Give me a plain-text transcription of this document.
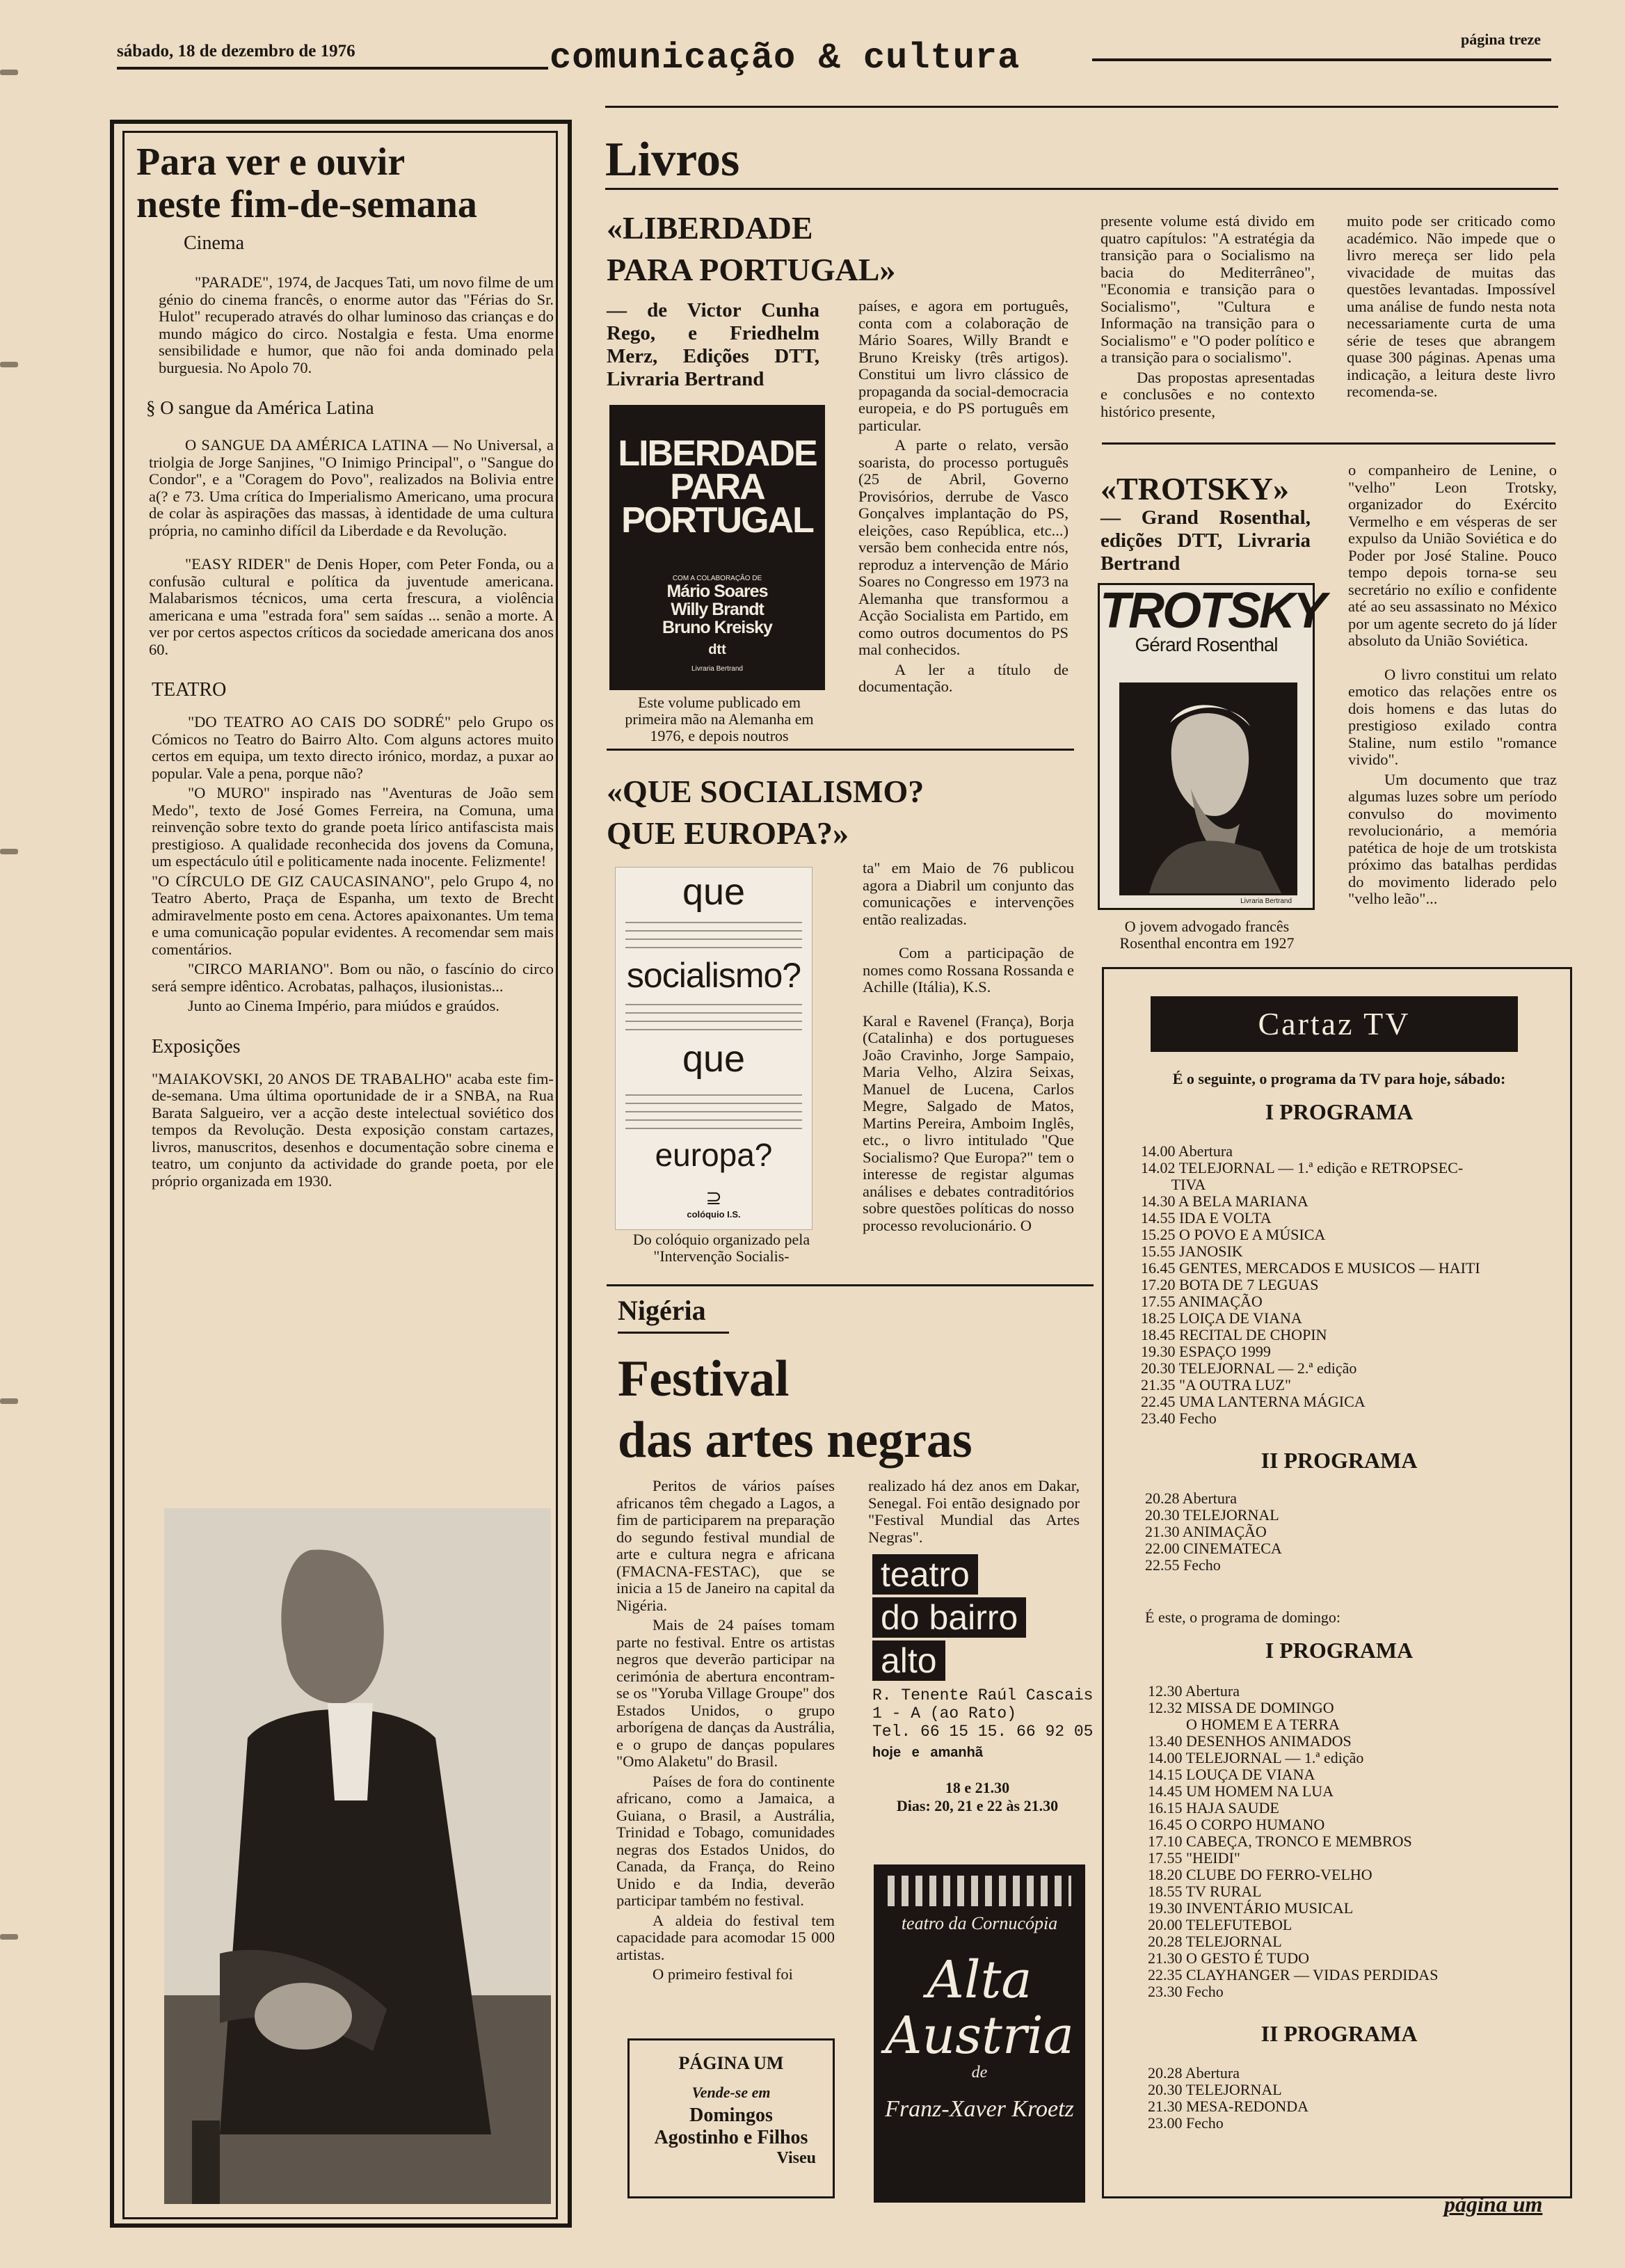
sábado, 18 de dezembro de 1976	comunicação & cultura	página treze
Para ver e ouvir
neste fim-de-semana
Cinema

"PARADE", 1974, de Jacques Tati, um novo filme de um génio do cinema francês, o enorme autor das "Férias do Sr. Hulot" recuperado através do olhar luminoso das crianças e do mundo mágico do circo. Nostalgia e festa. Uma enorme sensibilidade e humor, que não foi anda dominado pela burguesia. No Apolo 70.

§ O sangue da América Latina

O SANGUE DA AMÉRICA LATINA — No Universal, a triolgia de Jorge Sanjines, "O Inimigo Principal", o "Sangue do Condor", e a "Coragem do Povo", realizados na Bolivia entre a(? e 73. Uma crítica do Imperialismo Americano, uma procura de colar às aspirações das massas, à identidade de uma cultura própria, no caminho difícil da Liberdade e da Revolução.

"EASY RIDER" de Denis Hoper, com Peter Fonda, ou a confusão cultural e política da juventude americana. Malabarismos técnicos, uma certa frescura, a violência americana e uma "estrada fora" sem saídas ... senão a morte. A ver por certos aspectos críticos da sociedade americana dos anos 60.

TEATRO

"DO TEATRO AO CAIS DO SODRÉ" pelo Grupo os Cómicos no Teatro do Bairro Alto. Com alguns actores muito certos em equipa, um texto directo irónico, mordaz, a puxar ao popular. Vale a pena, porque não?

"O MURO" inspirado nas "Aventuras de João sem Medo", texto de José Gomes Ferreira, na Comuna, uma reinvenção sobre texto do grande poeta lírico antifascista mais prestigioso. A qualidade reconhecida dos jovens da Comuna, um espectáculo útil e politicamente nada inocente. Felizmente!

"O CÍRCULO DE GIZ CAUCASINANO", pelo Grupo 4, no Teatro Aberto, Praça de Espanha, um texto de Brecht admiravelmente posto em cena. Actores apaixonantes. Um tema e uma comunicação popular evidentes. A recomendar sem mais comentários.

"CIRCO MARIANO". Bom ou não, o fascínio do circo será sempre idêntico. Acrobatas, palhaços, ilusionistas...

Junto ao Cinema Império, para miúdos e graúdos.

Exposições

"MAIAKOVSKI, 20 ANOS DE TRABALHO" acaba este fim-de-semana. Uma última oportunidade de ir a SNBA, na Rua Barata Salgueiro, ver a acção deste intelectual soviético dos tempos da Revolução. Desta exposição constam cartazes, livros, manuscritos, desenhos e documentação sobre cinema e teatro, um conjunto da actividade do grande poeta, por ele próprio organizada em 1930.

Livros
«LIBERDADE
PARA PORTUGAL»
— de Victor Cunha Rego, e Friedhelm Merz, Edições DTT, Livraria Bertrand
LIBERDADE
PARA
PORTUGAL
COM A COLABORAÇÃO DE
Mário Soares
Willy Brandt
Bruno Kreisky
dtt
Livraria Bertrand
Este volume publicado em primeira mão na Alemanha em 1976, e depois noutros

países, e agora em português, conta com a colaboração de Mário Soares, Willy Brandt e Bruno Kreisky (três artigos). Constitui um livro clássico de propaganda da social-democracia europeia, e do PS português em particular.

A parte o relato, versão soarista, do processo português (25 de Abril, Governo Provisórios, derrube de Vasco Gonçalves implantação do PS, eleições, caso República, etc...) versão bem conhecida entre nós, reproduz a intervenção de Mário Soares no Congresso em 1973 na Alemanha que transformou a Acção Socialista em Partido, em como outros documentos do PS mal conhecidos.

A ler a título de documentação.

presente volume está divido em quatro capítulos: "A estratégia da transição para o Socialismo na bacia do Mediterrâneo", "Economia e transição para o Socialismo", "Cultura e Informação na transição para o Socialismo" e "O poder político e a transição para o socialismo".

Das propostas apresentadas e conclusões e no contexto histórico presente,

muito pode ser criticado como académico. Não impede que o livro mereça ser lido pela vivacidade de muitas das questões levantadas. Impossível uma análise de fundo nesta nota necessariamente curta de uma série de teses que abrangem quase 300 páginas. Apenas uma indicação, a leitura deste livro recomenda-se.

«QUE SOCIALISMO?
QUE EUROPA?»
que
socialismo?
que
europa?
⊇
colóquio I.S.
Do colóquio organizado pela "Intervenção Socialis-

ta" em Maio de 76 publicou agora a Diabril um conjunto das comunicações e intervenções então realizadas.

Com a participação de nomes como Rossana Rossanda e Achille (Itália), K.S.

Karal e Ravenel (França), Borja (Catalinha) e dos portugueses João Cravinho, Jorge Sampaio, Maria Velho, Alzira Seixas, Manuel de Lucena, Carlos Megre, Salgado de Matos, Martins Pereira, Amboim Inglês, etc., o livro intitulado "Que Socialismo? Que Europa?" tem o interesse de registar algumas análises e debates contraditórios sobre questões políticas do nosso processo revolucionário. O

«TROTSKY»
— Grand Rosenthal, edições DTT, Livraria Bertrand
TROTSKY
Gérard Rosenthal
Livraria Bertrand
O jovem advogado francês Rosenthal encontra em 1927

o companheiro de Lenine, o "velho" Leon Trotsky, organizador do Exército Vermelho e em vésperas de ser expulso da União Soviética e do Poder por José Staline. Pouco tempo depois torna-se seu secretário no exílio e confidente até ao seu assassinato no México por um agente secreto do já líder absoluto da União Soviética.

O livro constitui um relato emotico das relações entre os dois homens e das lutas do prestigioso exilado contra Staline, num estilo "romance vivido".

Um documento que traz algumas luzes sobre um período convulso do movimento revolucionário, a memória patética de hoje de um trotskista próximo das batalhas perdidas do movimento liderado pelo "velho leão"...

Nigéria
Festival
das artes negras

Peritos de vários países africanos têm chegado a Lagos, a fim de participarem na preparação do segundo festival mundial de arte e cultura negra e africana (FMACNA-FESTAC), que se inicia a 15 de Janeiro na capital da Nigéria.

Mais de 24 países tomam parte no festival. Entre os artistas negros que deverão participar na cerimónia de abertura encontram-se os "Yoruba Village Groupe" dos Estados Unidos, o grupo arborígena de danças da Austrália, e o grupo de danças populares "Omo Alaketu" do Brasil.

Países de fora do continente africano, como a Jamaica, a Guiana, o Brasil, a Austrália, Trinidad e Tobago, comunidades negras dos Estados Unidos, do Canada, da França, do Reino Unido e da India, deverão participar também no festival.

A aldeia do festival tem capacidade para acomodar 15 000 artistas.

O primeiro festival foi

realizado há dez anos em Dakar, Senegal. Foi então designado por "Festival Mundial das Artes Negras".

PÁGINA UM
Vende-se em
Domingos
Agostinho e Filhos
Viseu
teatro do bairro alto
R. Tenente Raúl Cascais
1 - A (ao Rato)
Tel. 66 15 15. 66 92 05
hoje e amanhã
18 e 21.30
Dias: 20, 21 e 22 às 21.30
teatro da Cornucópia
Alta
Austria
de
Franz-Xaver Kroetz
Cartaz TV
É o seguinte, o programa da TV para hoje, sábado:
I PROGRAMA
14.00 Abertura
14.02 TELEJORNAL — 1.ª edição e RETROPSEC-
TIVA
14.30 A BELA MARIANA
14.55 IDA E VOLTA
15.25 O POVO E A MÚSICA
15.55 JANOSIK
16.45 GENTES, MERCADOS E MUSICOS — HAITI
17.20 BOTA DE 7 LEGUAS
17.55 ANIMAÇÃO
18.25 LOIÇA DE VIANA
18.45 RECITAL DE CHOPIN
19.30 ESPAÇO 1999
20.30 TELEJORNAL — 2.ª edição
21.35 "A OUTRA LUZ"
22.45 UMA LANTERNA MÁGICA
23.40 Fecho
II PROGRAMA
20.28 Abertura
20.30 TELEJORNAL
21.30 ANIMAÇÃO
22.00 CINEMATECA
22.55 Fecho
É este, o programa de domingo:
I PROGRAMA
12.30 Abertura
12.32 MISSA DE DOMINGO
O HOMEM E A TERRA
13.40 DESENHOS ANIMADOS
14.00 TELEJORNAL — 1.ª edição
14.15 LOUÇA DE VIANA
14.45 UM HOMEM NA LUA
16.15 HAJA SAUDE
16.45 O CORPO HUMANO
17.10 CABEÇA, TRONCO E MEMBROS
17.55 "HEIDI"
18.20 CLUBE DO FERRO-VELHO
18.55 TV RURAL
19.30 INVENTÁRIO MUSICAL
20.00 TELEFUTEBOL
20.28 TELEJORNAL
21.30 O GESTO É TUDO
22.35 CLAYHANGER — VIDAS PERDIDAS
23.30 Fecho
II PROGRAMA
20.28 Abertura
20.30 TELEJORNAL
21.30 MESA-REDONDA
23.00 Fecho
página um
